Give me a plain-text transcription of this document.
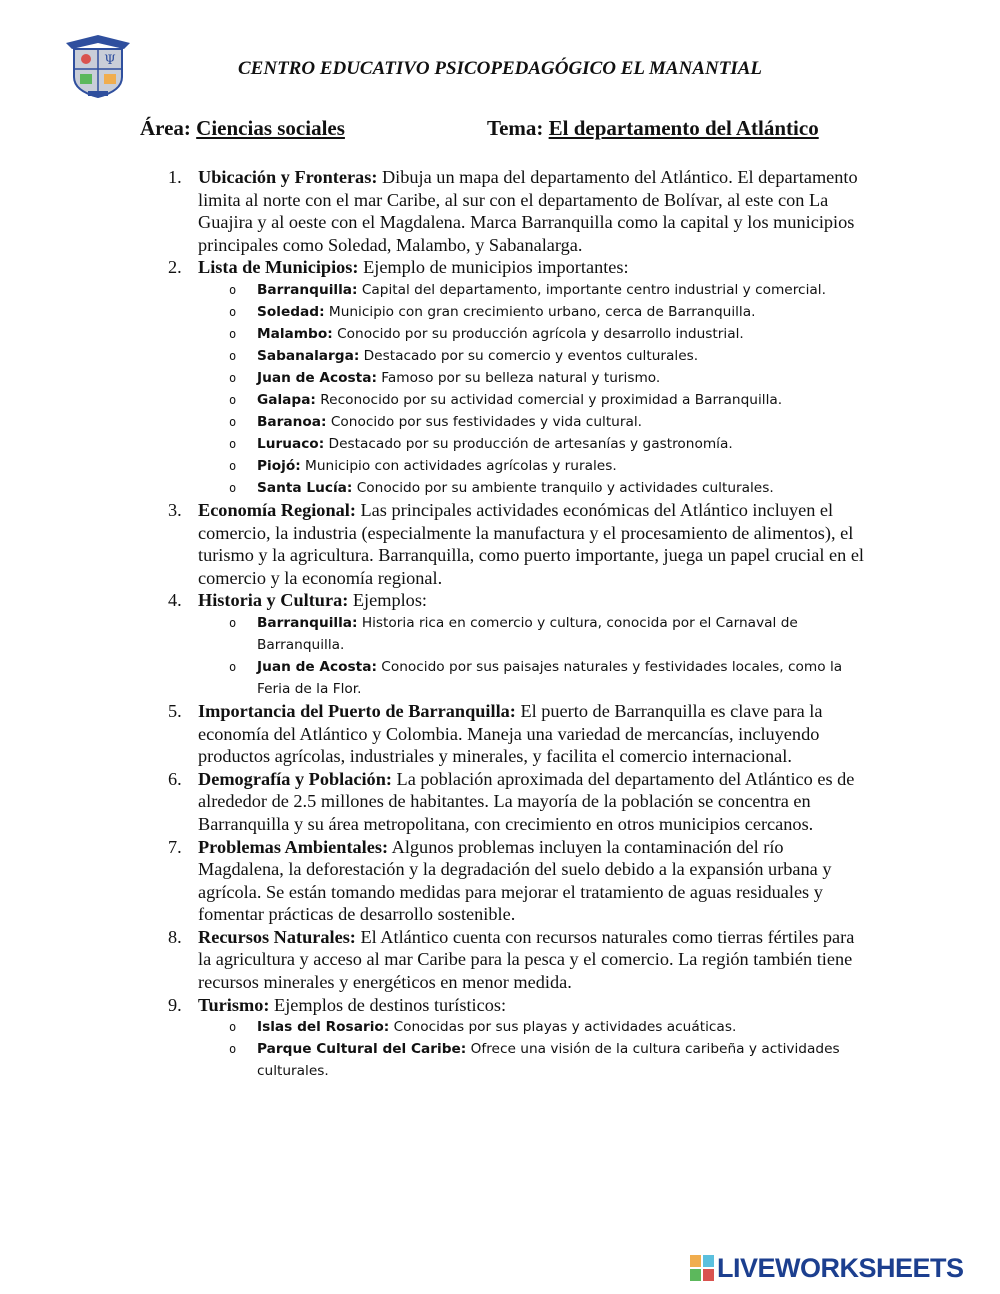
Ψ	CENTRO EDUCATIVO PSICOPEDAGÓGICO EL MANANTIAL
Área: Ciencias sociales	Tema: El departamento del Atlántico
1. Ubicación y Fronteras: Dibuja un mapa del departamento del Atlántico. El departamento limita al norte con el mar Caribe, al sur con el departamento de Bolívar, al este con La Guajira y al oeste con el Magdalena. Marca Barranquilla como la capital y los municipios principales como Soledad, Malambo, y Sabanalarga.
2. Lista de Municipios: Ejemplo de municipios importantes:
o Barranquilla: Capital del departamento, importante centro industrial y comercial.
o Soledad: Municipio con gran crecimiento urbano, cerca de Barranquilla.
o Malambo: Conocido por su producción agrícola y desarrollo industrial.
o Sabanalarga: Destacado por su comercio y eventos culturales.
o Juan de Acosta: Famoso por su belleza natural y turismo.
o Galapa: Reconocido por su actividad comercial y proximidad a Barranquilla.
o Baranoa: Conocido por sus festividades y vida cultural.
o Luruaco: Destacado por su producción de artesanías y gastronomía.
o Piojó: Municipio con actividades agrícolas y rurales.
o Santa Lucía: Conocido por su ambiente tranquilo y actividades culturales.
3. Economía Regional: Las principales actividades económicas del Atlántico incluyen el comercio, la industria (especialmente la manufactura y el procesamiento de alimentos), el turismo y la agricultura. Barranquilla, como puerto importante, juega un papel crucial en el comercio y la economía regional.
4. Historia y Cultura: Ejemplos:
o Barranquilla: Historia rica en comercio y cultura, conocida por el Carnaval de Barranquilla.
o Juan de Acosta: Conocido por sus paisajes naturales y festividades locales, como la Feria de la Flor.
5. Importancia del Puerto de Barranquilla: El puerto de Barranquilla es clave para la economía del Atlántico y Colombia. Maneja una variedad de mercancías, incluyendo productos agrícolas, industriales y minerales, y facilita el comercio internacional.
6. Demografía y Población: La población aproximada del departamento del Atlántico es de alrededor de 2.5 millones de habitantes. La mayoría de la población se concentra en Barranquilla y su área metropolitana, con crecimiento en otros municipios cercanos.
7. Problemas Ambientales: Algunos problemas incluyen la contaminación del río Magdalena, la deforestación y la degradación del suelo debido a la expansión urbana y agrícola. Se están tomando medidas para mejorar el tratamiento de aguas residuales y fomentar prácticas de desarrollo sostenible.
8. Recursos Naturales: El Atlántico cuenta con recursos naturales como tierras fértiles para la agricultura y acceso al mar Caribe para la pesca y el comercio. La región también tiene recursos minerales y energéticos en menor medida.
9. Turismo: Ejemplos de destinos turísticos:
o Islas del Rosario: Conocidas por sus playas y actividades acuáticas.
o Parque Cultural del Caribe: Ofrece una visión de la cultura caribeña y actividades culturales.
LIVEWORKSHEETS
